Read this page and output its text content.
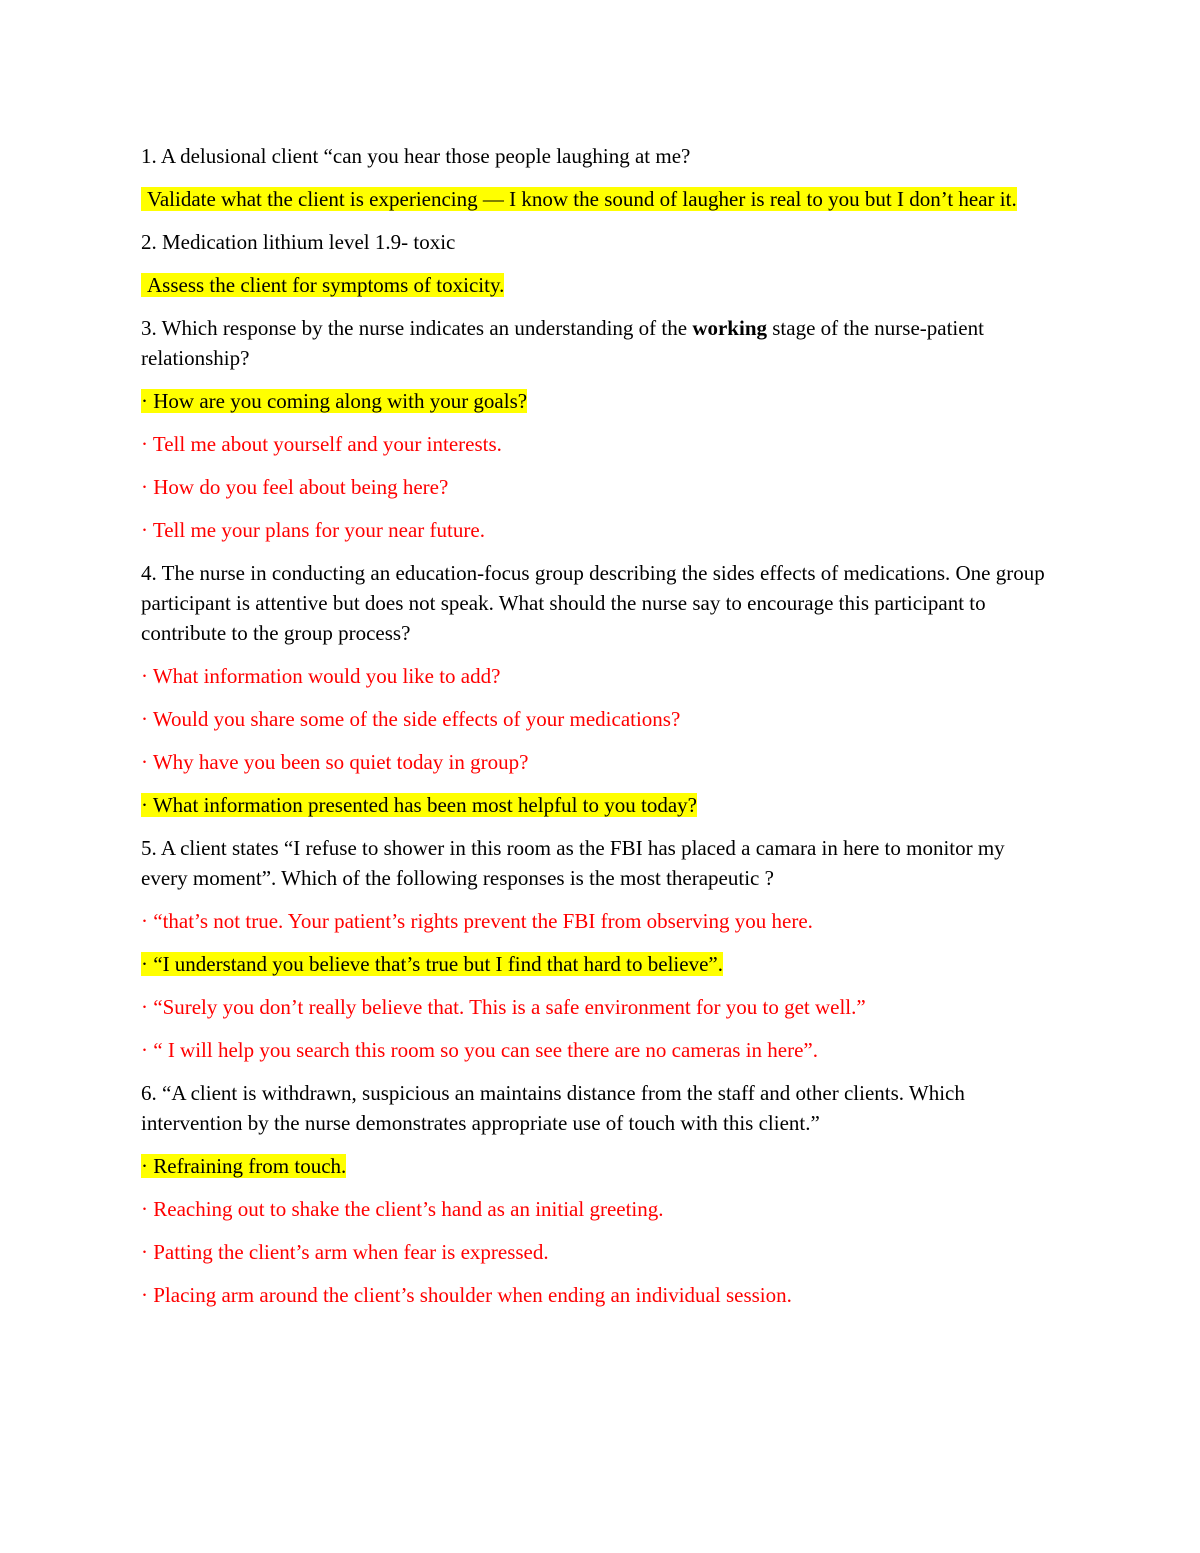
1. A delusional client “can you hear those people laughing at me?

Validate what the client is experiencing — I know the sound of laugher is real to you but I don’t hear it.

2. Medication lithium level 1.9- toxic

Assess the client for symptoms of toxicity.

3. Which response by the nurse indicates an understanding of the working stage of the nurse-patient relationship?

· How are you coming along with your goals?

· Tell me about yourself and your interests.

· How do you feel about being here?

· Tell me your plans for your near future.

4. The nurse in conducting an education-focus group describing the sides effects of medications. One group participant is attentive but does not speak. What should the nurse say to encourage this participant to contribute to the group process?

· What information would you like to add?

· Would you share some of the side effects of your medications?

· Why have you been so quiet today in group?

· What information presented has been most helpful to you today?

5. A client states “I refuse to shower in this room as the FBI has placed a camara in here to monitor my every moment”. Which of the following responses is the most therapeutic ?

· “that’s not true. Your patient’s rights prevent the FBI from observing you here.

· “I understand you believe that’s true but I find that hard to believe”.

· “Surely you don’t really believe that. This is a safe environment for you to get well.”

· “ I will help you search this room so you can see there are no cameras in here”.

6. “A client is withdrawn, suspicious an maintains distance from the staff and other clients. Which intervention by the nurse demonstrates appropriate use of touch with this client.”

· Refraining from touch.

· Reaching out to shake the client’s hand as an initial greeting.

· Patting the client’s arm when fear is expressed.

· Placing arm around the client’s shoulder when ending an individual session.
